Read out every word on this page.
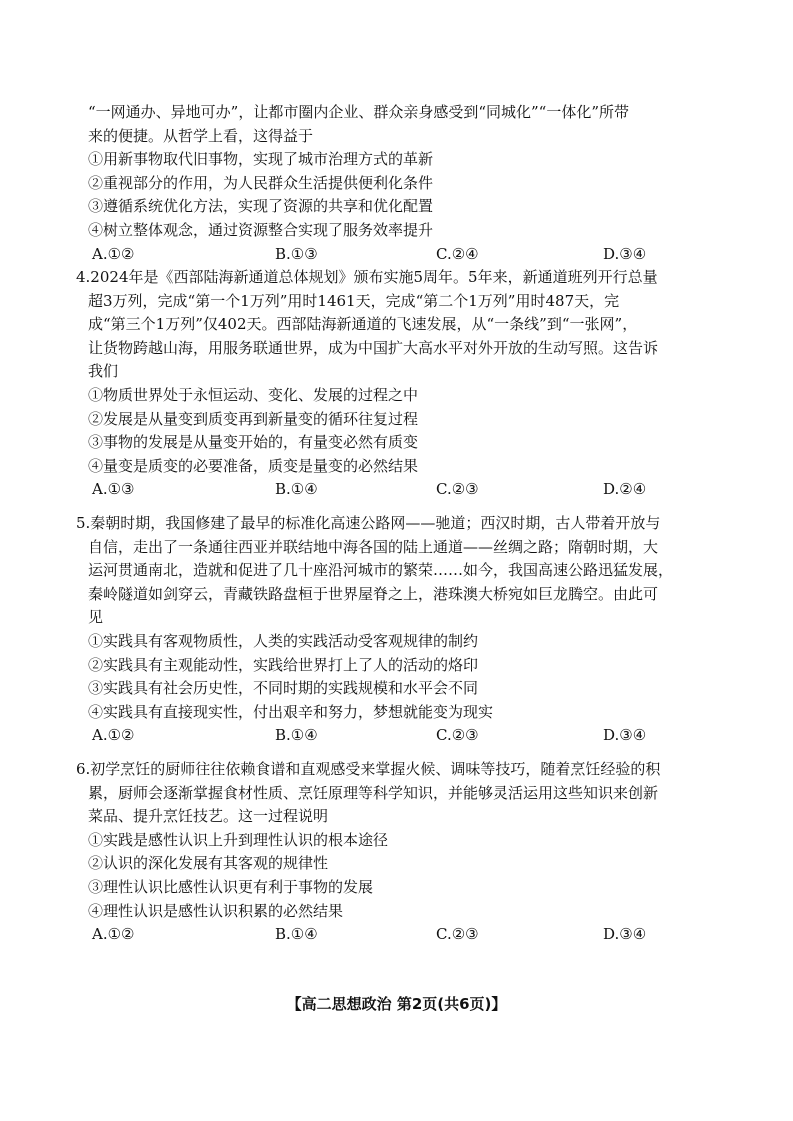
“一网通办、异地可办”，让都市圈内企业、群众亲身感受到“同城化”“一体化”所带
来的便捷。从哲学上看，这得益于
①用新事物取代旧事物，实现了城市治理方式的革新
②重视部分的作用，为人民群众生活提供便利化条件
③遵循系统优化方法，实现了资源的共享和优化配置
④树立整体观念，通过资源整合实现了服务效率提升
A.①②	B.①③	C.②④	D.③④
4.2024年是《西部陆海新通道总体规划》颁布实施5周年。5年来，新通道班列开行总量
超3万列，完成“第一个1万列”用时1461天，完成“第二个1万列”用时487天，完
成“第三个1万列”仅402天。西部陆海新通道的飞速发展，从“一条线”到“一张网”，
让货物跨越山海，用服务联通世界，成为中国扩大高水平对外开放的生动写照。这告诉
我们
①物质世界处于永恒运动、变化、发展的过程之中
②发展是从量变到质变再到新量变的循环往复过程
③事物的发展是从量变开始的，有量变必然有质变
④量变是质变的必要准备，质变是量变的必然结果
A.①③	B.①④	C.②③	D.②④
5.秦朝时期，我国修建了最早的标准化高速公路网——驰道；西汉时期，古人带着开放与
自信，走出了一条通往西亚并联结地中海各国的陆上通道——丝绸之路；隋朝时期，大
运河贯通南北，造就和促进了几十座沿河城市的繁荣……如今，我国高速公路迅猛发展，
秦岭隧道如剑穿云，青藏铁路盘桓于世界屋脊之上，港珠澳大桥宛如巨龙腾空。由此可
见
①实践具有客观物质性，人类的实践活动受客观规律的制约
②实践具有主观能动性，实践给世界打上了人的活动的烙印
③实践具有社会历史性，不同时期的实践规模和水平会不同
④实践具有直接现实性，付出艰辛和努力，梦想就能变为现实
A.①②	B.①④	C.②③	D.③④
6.初学烹饪的厨师往往依赖食谱和直观感受来掌握火候、调味等技巧，随着烹饪经验的积
累，厨师会逐渐掌握食材性质、烹饪原理等科学知识，并能够灵活运用这些知识来创新
菜品、提升烹饪技艺。这一过程说明
①实践是感性认识上升到理性认识的根本途径
②认识的深化发展有其客观的规律性
③理性认识比感性认识更有利于事物的发展
④理性认识是感性认识积累的必然结果
A.①②	B.①④	C.②③	D.③④
【高二思想政治 第2页(共6页)】
